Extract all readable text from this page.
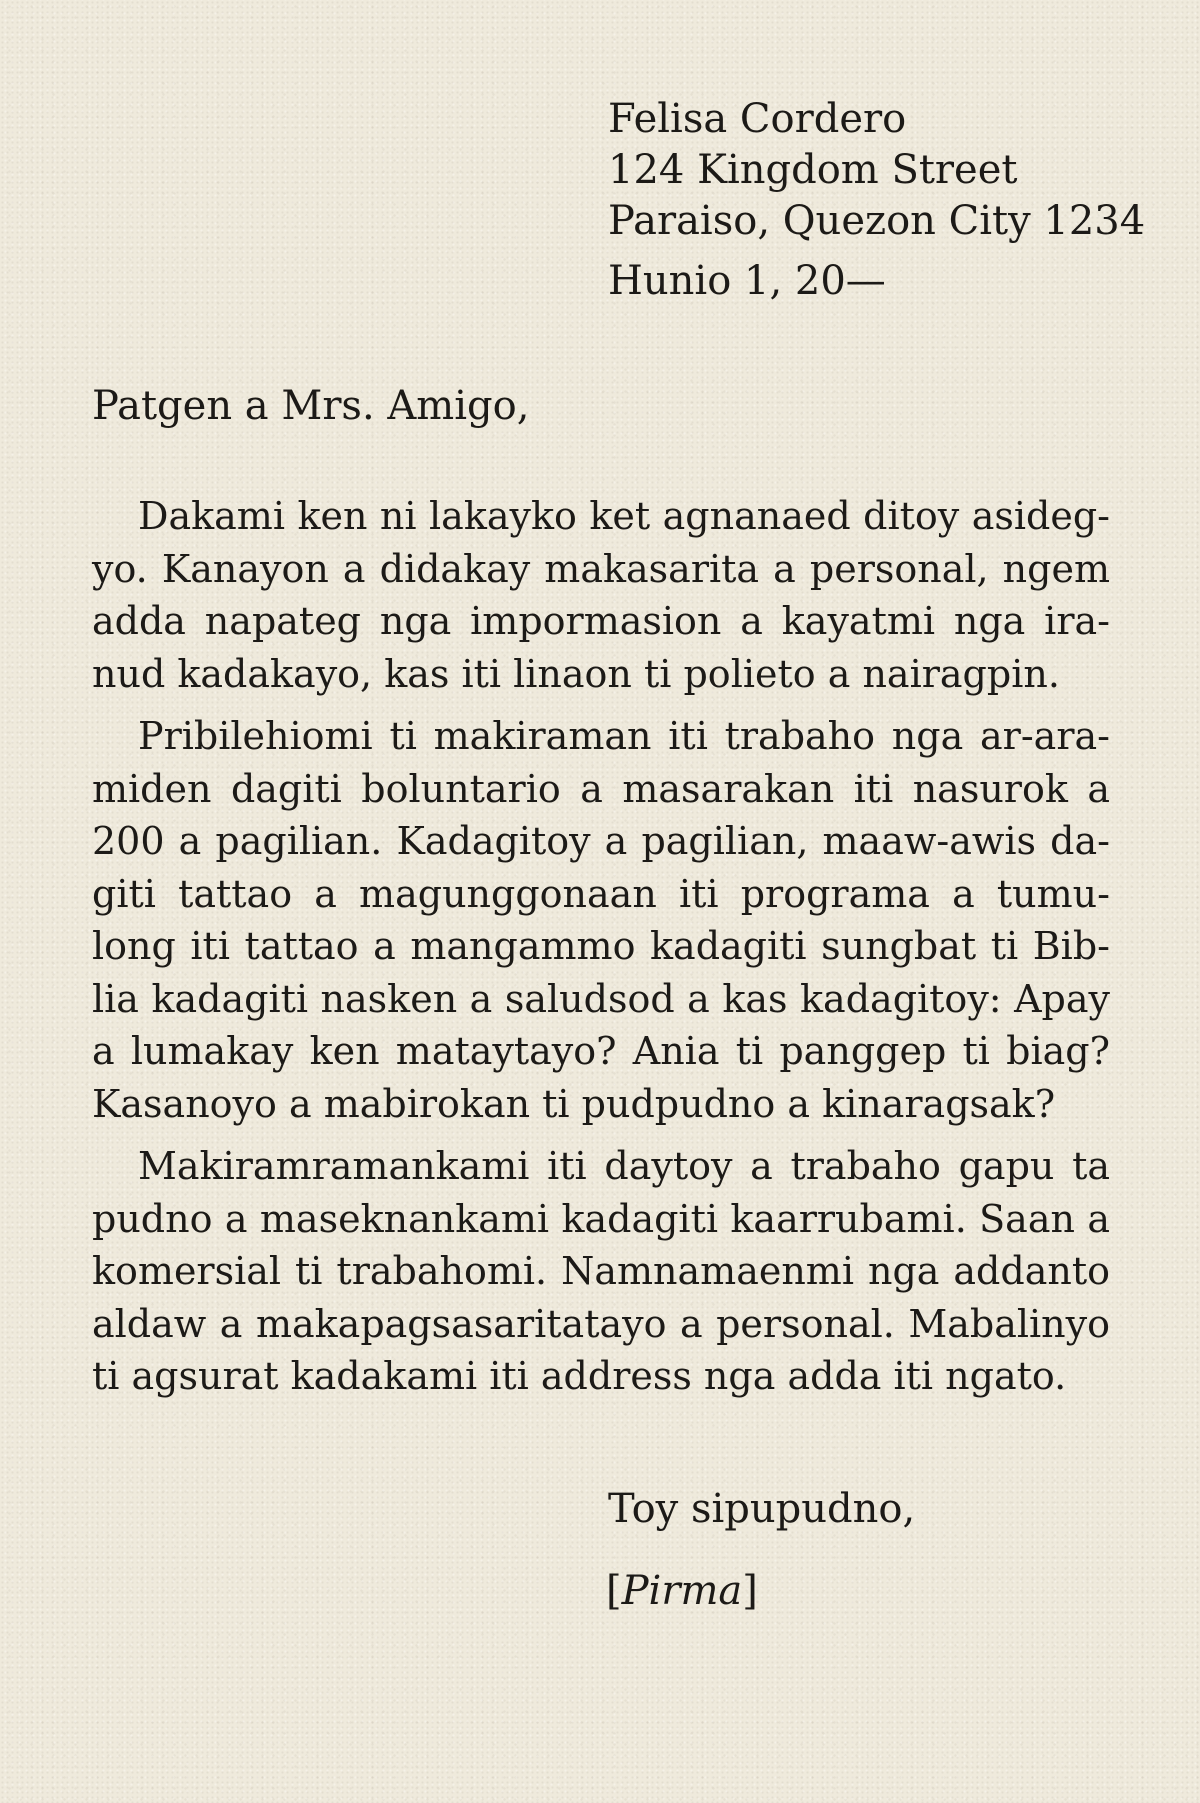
Felisa Cordero
124 Kingdom Street
Paraiso, Quezon City 1234
Hunio 1, 20—
Patgen a Mrs. Amigo,

Dakami ken ni lakayko ket agnanaed ditoy asidegyo. Kanayon a didakay makasarita a personal, ngem adda napateg nga impormasion a kayatmi nga iranud kadakayo, kas iti linaon ti polieto a nairagpin.

Pribilehiomi ti makiraman iti trabaho nga ar-aramiden dagiti boluntario a masarakan iti nasurok a 200 a pagilian. Kadagitoy a pagilian, maaw-awis dagiti tattao a magunggonaan iti programa a tumulong iti tattao a mangammo kadagiti sungbat ti Biblia kadagiti nasken a saludsod a kas kadagitoy: Apay a lumakay ken mataytayo? Ania ti panggep ti biag? Kasanoyo a mabirokan ti pudpudno a kinaragsak?

Makiramramankami iti daytoy a trabaho gapu ta pudno a maseknankami kadagiti kaarrubami. Saan a komersial ti trabahomi. Namnamaenmi nga addanto aldaw a makapagsasaritatayo a personal. Mabalinyo ti agsurat kadakami iti address nga adda iti ngato.

Toy sipupudno,
[Pirma]
